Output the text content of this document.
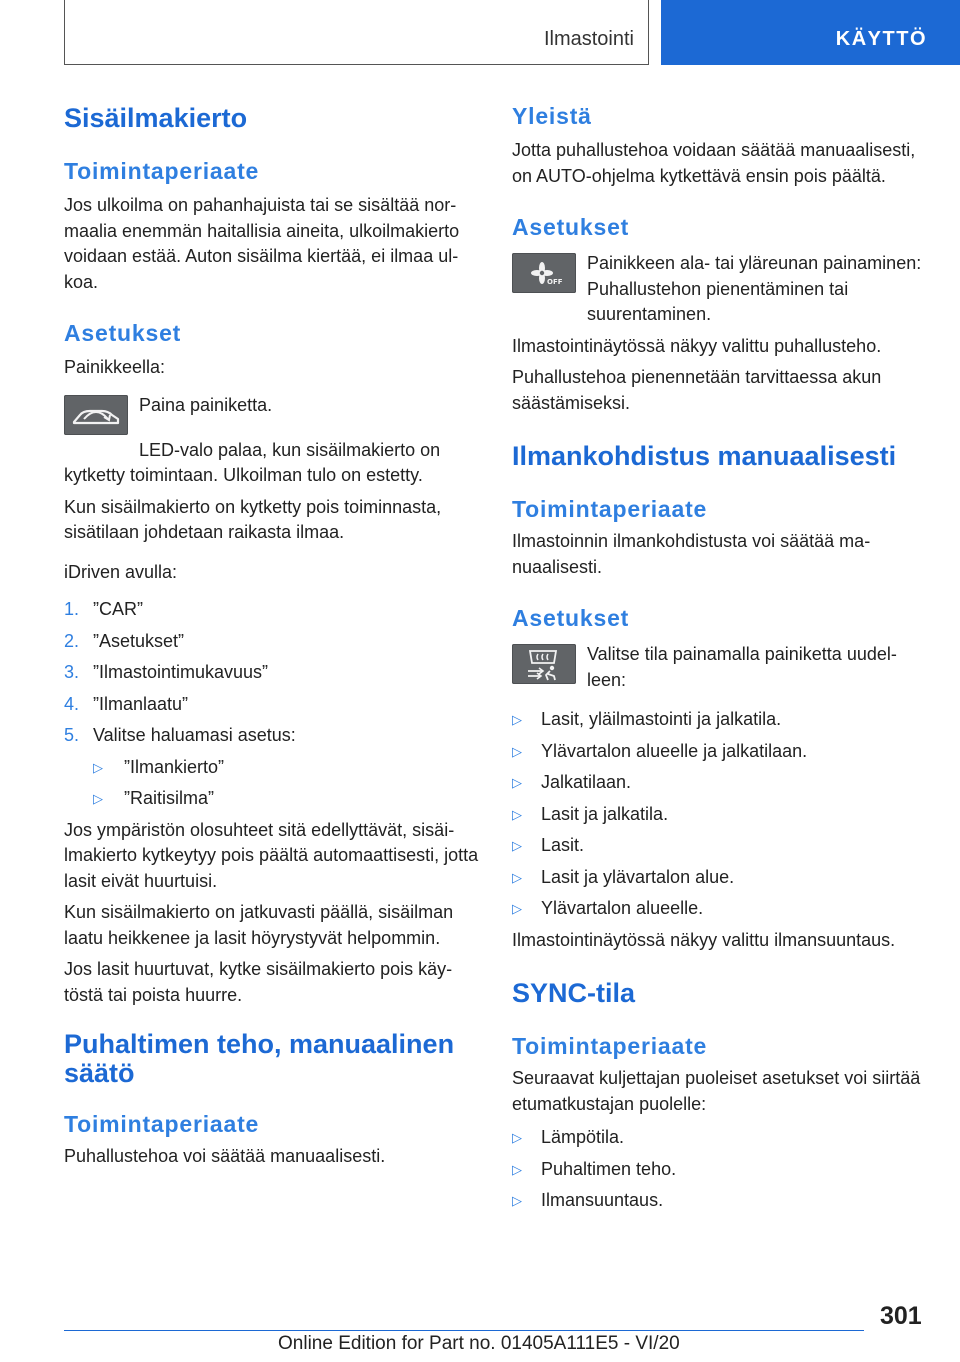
Ilmastointi	KÄYTTÖ
Sisäilmakierto
Toimintaperiaate

Jos ulkoilma on pahanhajuista tai se sisältää normaalia enemmän haitallisia aineita, ulkoilmakierto voidaan estää. Auton sisäilma kiertää, ei ilmaa ulkoa.

Asetukset

Painikkeella:

Paina painiketta.

LED-valo palaa, kun sisäilmakierto on kytketty toimintaan. Ulkoilman tulo on estetty.

Kun sisäilmakierto on kytketty pois toiminnasta, sisätilaan johdetaan raikasta ilmaa.

iDriven avulla:

1. ”CAR”
2. ”Asetukset”
3. ”Ilmastointimukavuus”
4. ”Ilmanlaatu”
5. Valitse haluamasi asetus:
▷ ”Ilmankierto”
▷ ”Raitisilma”

Jos ympäristön olosuhteet sitä edellyttävät, sisäilmakierto kytkeytyy pois päältä automaattisesti, jotta lasit eivät huurtuisi.

Kun sisäilmakierto on jatkuvasti päällä, sisäilman laatu heikkenee ja lasit höyrystyvät helpommin.

Jos lasit huurtuvat, kytke sisäilmakierto pois käytöstä tai poista huurre.

Puhaltimen teho, manuaalinen säätö
Toimintaperiaate

Puhallustehoa voi säätää manuaalisesti.

Yleistä

Jotta puhallustehoa voidaan säätää manuaalisesti, on AUTO-ohjelma kytkettävä ensin pois päältä.

Asetukset
OFF

Painikkeen ala- tai yläreunan painaminen: Puhallustehon pienentäminen tai suurentaminen.

Ilmastointinäytössä näkyy valittu puhallusteho.

Puhallustehoa pienennetään tarvittaessa akun säästämiseksi.

Ilmankohdistus manuaalisesti
Toimintaperiaate

Ilmastoinnin ilmankohdistusta voi säätää manuaalisesti.

Asetukset

Valitse tila painamalla painiketta uudelleen:

▷ Lasit, yläilmastointi ja jalkatila.
▷ Ylävartalon alueelle ja jalkatilaan.
▷ Jalkatilaan.
▷ Lasit ja jalkatila.
▷ Lasit.
▷ Lasit ja ylävartalon alue.
▷ Ylävartalon alueelle.

Ilmastointinäytössä näkyy valittu ilmansuuntaus.

SYNC-tila
Toimintaperiaate

Seuraavat kuljettajan puoleiset asetukset voi siirtää etumatkustajan puolelle:

▷ Lämpötila.
▷ Puhaltimen teho.
▷ Ilmansuuntaus.
301
Online Edition for Part no. 01405A111E5 - VI/20
